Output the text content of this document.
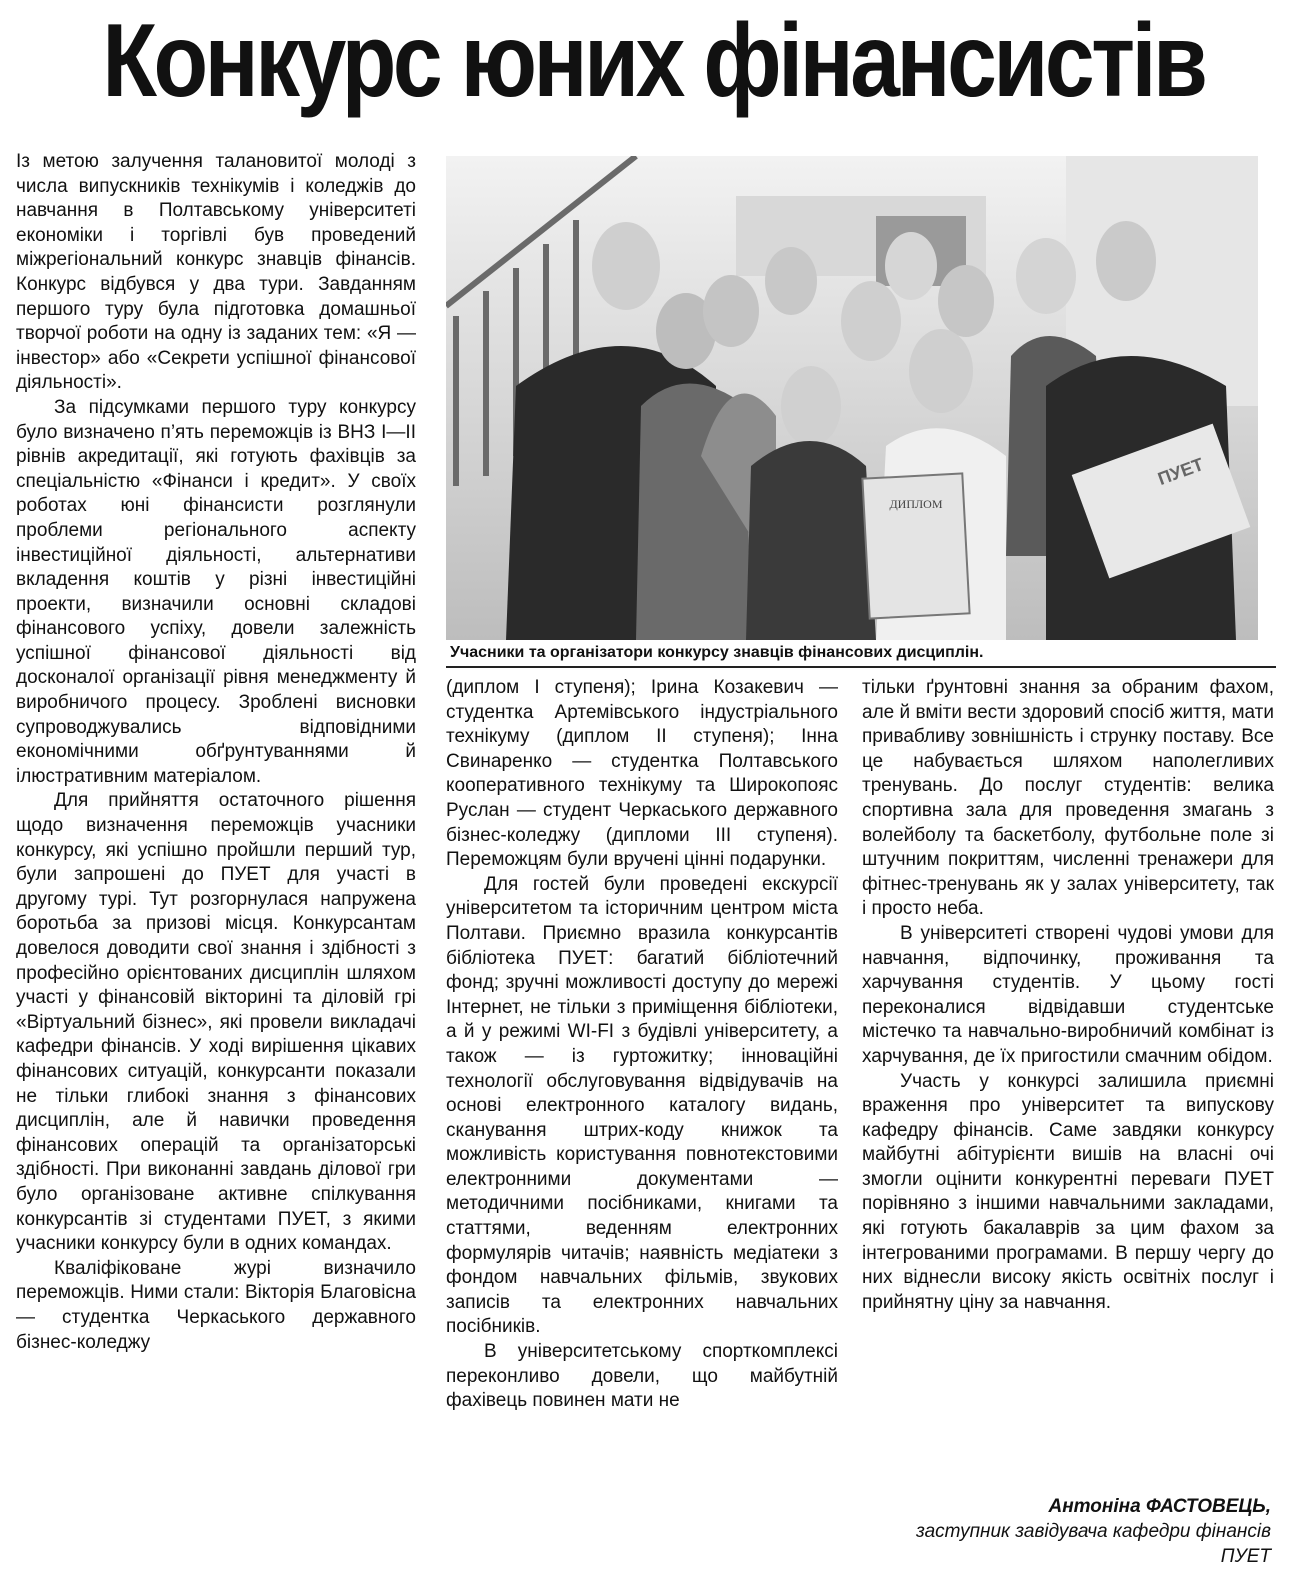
Конкурс юних фінансистів

Із метою залучення талановитої молоді з числа випускників технікумів і коледжів до навчання в Полтавському університеті економіки і торгівлі був проведений міжрегіональний конкурс знавців фінансів. Конкурс відбувся у два тури. Завданням першого туру була підготовка домашньої творчої роботи на одну із заданих тем: «Я — інвестор» або «Секрети успішної фінансової діяльності».

За підсумками першого туру конкурсу було визначено п’ять переможців із ВНЗ I—II рівнів акредитації, які готують фахівців за спеціальністю «Фінанси і кредит». У своїх роботах юні фінансисти розглянули проблеми регіонального аспекту інвестиційної діяльності, альтернативи вкладення коштів у різні інвестиційні проекти, визначили основні складові фінансового успіху, довели залежність успішної фінансової діяльності від досконалої організації рівня менеджменту й виробничого процесу. Зроблені висновки супроводжувались відповідними економічними обґрунтуваннями й ілюстративним матеріалом.

Для прийняття остаточного рішення щодо визначення переможців учасники конкурсу, які успішно пройшли перший тур, були запрошені до ПУЕТ для участі в другому турі. Тут розгорнулася напружена боротьба за призові місця. Конкурсантам довелося доводити свої знання і здібності з професійно орієнтованих дисциплін шляхом участі у фінансовій вікторині та діловій грі «Віртуальний бізнес», які провели викладачі кафедри фінансів. У ході вирішення цікавих фінансових ситуацій, конкурсанти показали не тільки глибокі знання з фінансових дисциплін, але й навички проведення фінансових операцій та організаторські здібності. При виконанні завдань ділової гри було організоване активне спілкування конкурсантів зі студентами ПУЕТ, з якими учасники конкурсу були в одних командах.

Кваліфіковане журі визначило переможців. Ними стали: Вікторія Благовісна — студентка Черкаського державного бізнес-коледжу

ДИПЛОМ
ПУЕТ
Учасники та організатори конкурсу знавців фінансових дисциплін.

(диплом I ступеня); Ірина Козакевич — студентка Артемівського індустріального технікуму (диплом II ступеня); Інна Свинаренко — студентка Полтавського кооперативного технікуму та Широкопояс Руслан — студент Черкаського державного бізнес-коледжу (дипломи III ступеня). Переможцям були вручені цінні подарунки.

Для гостей були проведені екскурсії університетом та історичним центром міста Полтави. Приємно вразила конкурсантів бібліотека ПУЕТ: багатий бібліотечний фонд; зручні можливості доступу до мережі Інтернет, не тільки з приміщення бібліотеки, а й у режимі WI-FI з будівлі університету, а також — із гуртожитку; інноваційні технології обслуговування відвідувачів на основі електронного каталогу видань, сканування штрих-коду книжок та можливість користування повнотекстовими електронними документами — методичними посібниками, книгами та статтями, веденням електронних формулярів читачів; наявність медіатеки з фондом навчальних фільмів, звукових записів та електронних навчальних посібників.

В університетському спорткомплексі переконливо довели, що майбутній фахівець повинен мати не

тільки ґрунтовні знання за обраним фахом, але й вміти вести здоровий спосіб життя, мати привабливу зовнішність і струнку поставу. Все це набувається шляхом наполегливих тренувань. До послуг студентів: велика спортивна зала для проведення змагань з волейболу та баскетболу, футбольне поле зі штучним покриттям, численні тренажери для фітнес-тренувань як у залах університету, так і просто неба.

В університеті створені чудові умови для навчання, відпочинку, проживання та харчування студентів. У цьому гості переконалися відвідавши студентське містечко та навчально-виробничий комбінат із харчування, де їх пригостили смачним обідом.

Участь у конкурсі залишила приємні враження про університет та випускову кафедру фінансів. Саме завдяки конкурсу майбутні абітурієнти вишів на власні очі змогли оцінити конкурентні переваги ПУЕТ порівняно з іншими навчальними закладами, які готують бакалаврів за цим фахом за інтегрованими програмами. В першу чергу до них віднесли високу якість освітніх послуг і прийнятну ціну за навчання.

Антоніна ФАСТОВЕЦЬ,
заступник завідувача кафедри фінансів ПУЕТ
